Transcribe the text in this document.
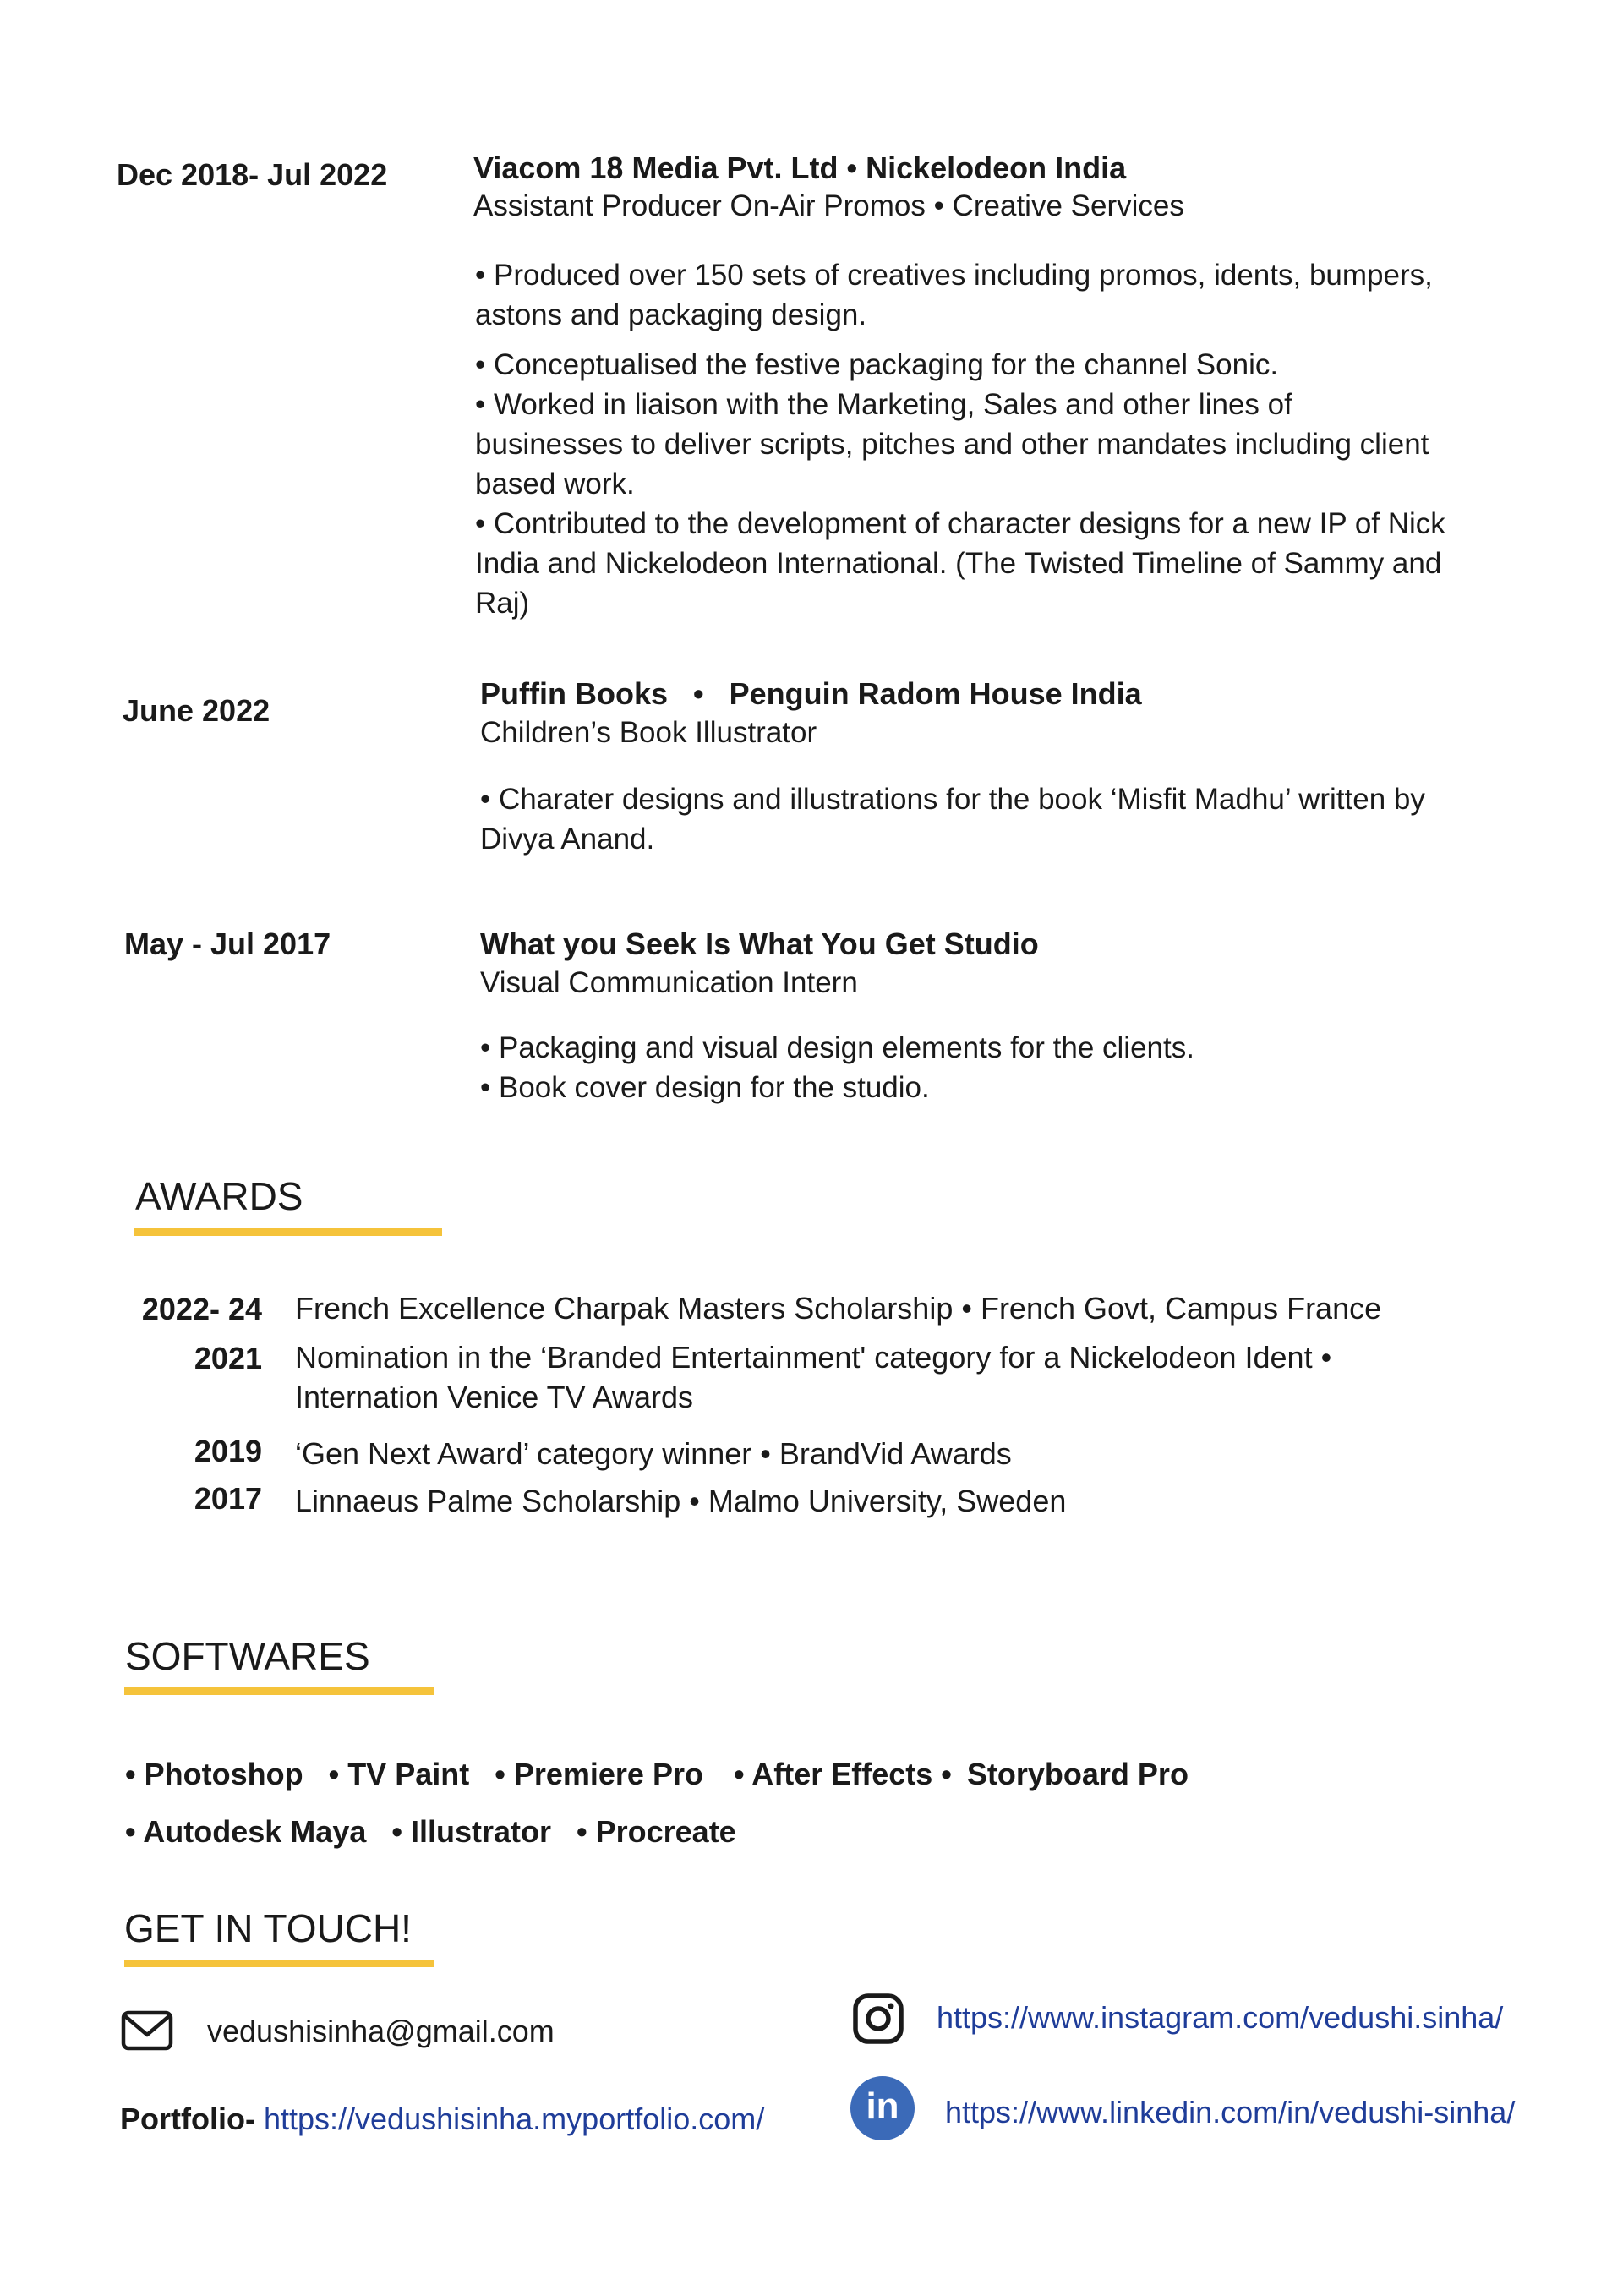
Dec 2018- Jul 2022	Viacom 18 Media Pvt. Ltd • Nickelodeon India
Assistant Producer On-Air Promos • Creative Services

• Produced over 150 sets of creatives including promos, idents, bumpers, astons and packaging design.

• Conceptualised the festive packaging for the channel Sonic.

• Worked in liaison with the Marketing, Sales and other lines of businesses to deliver scripts, pitches and other mandates including client based work.

• Contributed to the development of character designs for a new IP of Nick India and Nickelodeon International. (The Twisted Timeline of Sammy and Raj)

June 2022	Puffin Books   •   Penguin Radom House India
Children’s Book Illustrator

• Charater designs and illustrations for the book ‘Misfit Madhu’ written by Divya Anand.

May - Jul 2017	What you Seek Is What You Get Studio
Visual Communication Intern

• Packaging and visual design elements for the clients.

• Book cover design for the studio.

AWARDS
2022- 24 French Excellence Charpak Masters Scholarship • French Govt, Campus France
2021 Nomination in the ‘Branded Entertainment' category for a Nickelodeon Ident • Internation Venice TV Awards
2019 ‘Gen Next Award’ category winner • BrandVid Awards
2017 Linnaeus Palme Scholarship • Malmo University, Sweden
SOFTWARES
• Photoshop • TV Paint • Premiere Pro • After Effects • Storyboard Pro
• Autodesk Maya • Illustrator • Procreate
GET IN TOUCH!
vedushisinha@gmail.com
Portfolio- https://vedushisinha.myportfolio.com/
https://www.instagram.com/vedushi.sinha/
in https://www.linkedin.com/in/vedushi-sinha/
